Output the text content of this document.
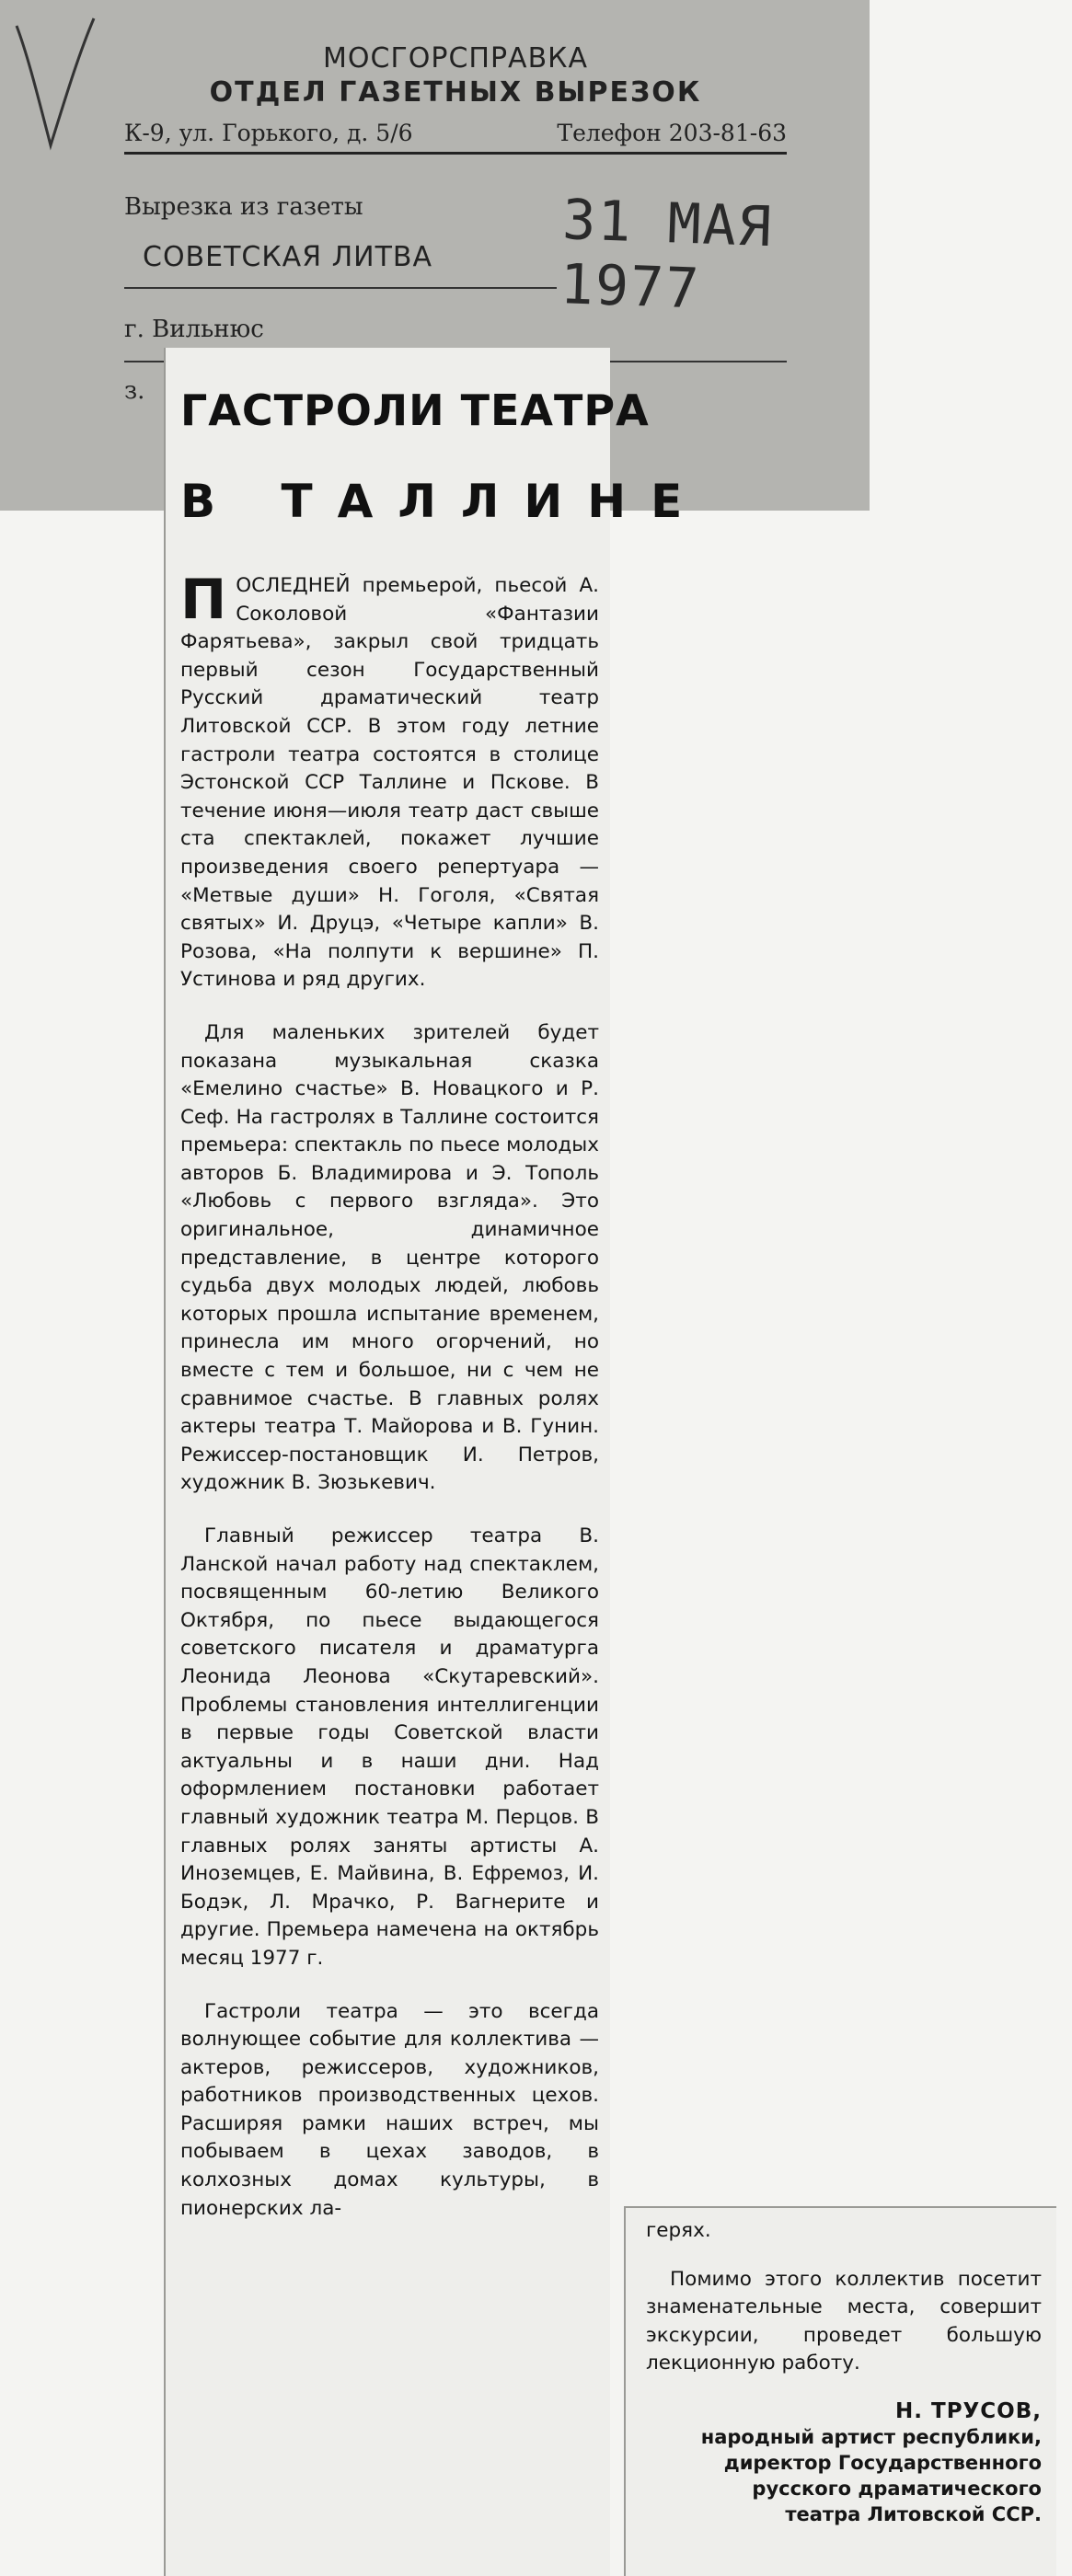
МОСГОРСПРАВКА
ОТДЕЛ ГАЗЕТНЫХ ВЫРЕЗОК
К-9, ул. Горького, д. 5/6	Телефон 203-81-63
Вырезка из газеты	31 МАЯ 1977
СОВЕТСКАЯ ЛИТВА
г. Вильнюс
з. ГАСТРОЛИ ТЕАТРА
В ТАЛЛИНЕ

ПОСЛЕДНЕЙ премьерой, пьесой А. Соколовой «Фантазии Фарятьева», закрыл свой тридцать первый сезон Государственный Русский драматический театр Литовской ССР. В этом году летние гастроли театра состоятся в столице Эстонской ССР Таллине и Пскове. В течение июня—июля театр даст свыше ста спектаклей, покажет лучшие произведения своего репертуара — «Метвые души» Н. Гоголя, «Святая святых» И. Друцэ, «Четыре капли» В. Розова, «На полпути к вершине» П. Устинова и ряд других.

Для маленьких зрителей будет показана музыкальная сказка «Емелино счастье» В. Новацкого и Р. Сеф. На гастролях в Таллине состоится премьера: спектакль по пьесе молодых авторов Б. Владимирова и Э. Тополь «Любовь с первого взгляда». Это оригинальное, динамичное представление, в центре которого судьба двух молодых людей, любовь которых прошла испытание временем, принесла им много огорчений, но вместе с тем и большое, ни с чем не сравнимое счастье. В главных ролях актеры театра Т. Майорова и В. Гунин. Режиссер-постановщик И. Петров, художник В. Зюзькевич.

Главный режиссер театра В. Ланской начал работу над спектаклем, посвященным 60-летию Великого Октября, по пьесе выдающегося советского писателя и драматурга Леонида Леонова «Скутаревский». Проблемы становления интеллигенции в первые годы Советской власти актуальны и в наши дни. Над оформлением постановки работает главный художник театра М. Перцов. В главных ролях заняты артисты А. Иноземцев, Е. Майвина, В. Ефремоз, И. Бодэк, Л. Мрачко, Р. Вагнерите и другие. Премьера намечена на октябрь месяц 1977 г.

Гастроли театра — это всегда волнующее событие для коллектива — актеров, режиссеров, художников, работников производственных цехов. Расширяя рамки наших встреч, мы побываем в цехах заводов, в колхозных домах культуры, в пионерских ла-

герях.

Помимо этого коллектив посетит знаменательные места, совершит экскурсии, проведет большую лекционную работу.

Н. ТРУСОВ,
народный артист республики,
директор Государственного
русского драматического
театра Литовской ССР.
